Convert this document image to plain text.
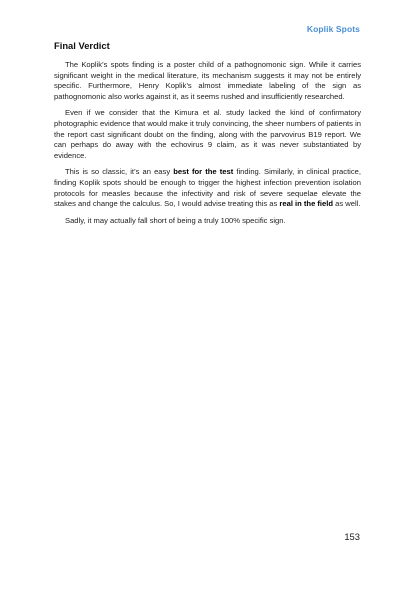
Koplik Spots
Final Verdict

The Koplik’s spots finding is a poster child of a pathognomonic sign. While it carries significant weight in the medical literature, its mechanism suggests it may not be entirely specific. Furthermore, Henry Koplik’s almost immediate labeling of the sign as pathognomonic also works against it, as it seems rushed and insufficiently researched.

Even if we consider that the Kimura et al. study lacked the kind of confirmatory photographic evidence that would make it truly convincing, the sheer numbers of patients in the report cast significant doubt on the finding, along with the parvovirus B19 report. We can perhaps do away with the echovirus 9 claim, as it was never substantiated by evidence.

This is so classic, it’s an easy best for the test finding. Similarly, in clinical practice, finding Koplik spots should be enough to trigger the highest infection prevention isolation protocols for measles because the infectivity and risk of severe sequelae elevate the stakes and change the calculus. So, I would advise treating this as real in the field as well.

Sadly, it may actually fall short of being a truly 100% specific sign.

153
